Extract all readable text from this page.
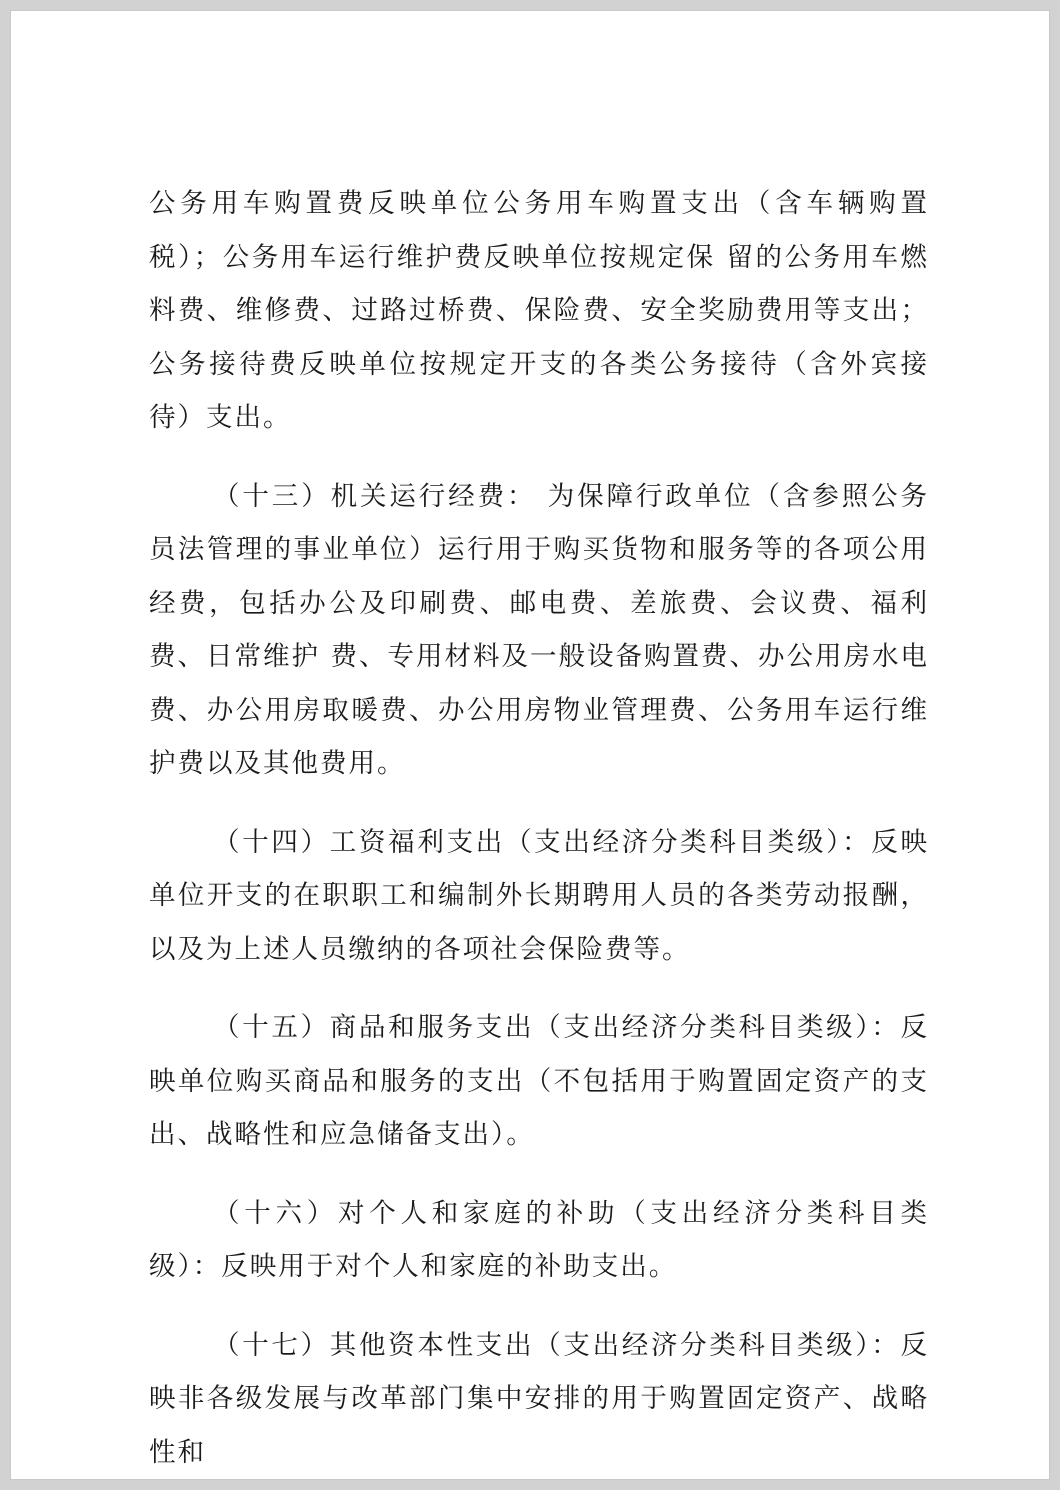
公务用车购置费反映单位公务用车购置支出（含车辆购置税）；公务用车运行维护费反映单位按规定保 留的公务用车燃料费、维修费、过路过桥费、保险费、安全奖励费用等支出；公务接待费反映单位按规定开支的各类公务接待（含外宾接待）支出。

（十三）机关运行经费： 为保障行政单位（含参照公务员法管理的事业单位）运行用于购买货物和服务等的各项公用经费，包括办公及印刷费、邮电费、差旅费、会议费、福利费、日常维护 费、专用材料及一般设备购置费、办公用房水电费、办公用房取暖费、办公用房物业管理费、公务用车运行维护费以及其他费用。

（十四）工资福利支出（支出经济分类科目类级）：反映单位开支的在职职工和编制外长期聘用人员的各类劳动报酬，以及为上述人员缴纳的各项社会保险费等。

（十五）商品和服务支出（支出经济分类科目类级）：反映单位购买商品和服务的支出（不包括用于购置固定资产的支出、战略性和应急储备支出）。

（十六）对个人和家庭的补助（支出经济分类科目类级）：反映用于对个人和家庭的补助支出。

（十七）其他资本性支出（支出经济分类科目类级）：反映非各级发展与改革部门集中安排的用于购置固定资产、战略性和
